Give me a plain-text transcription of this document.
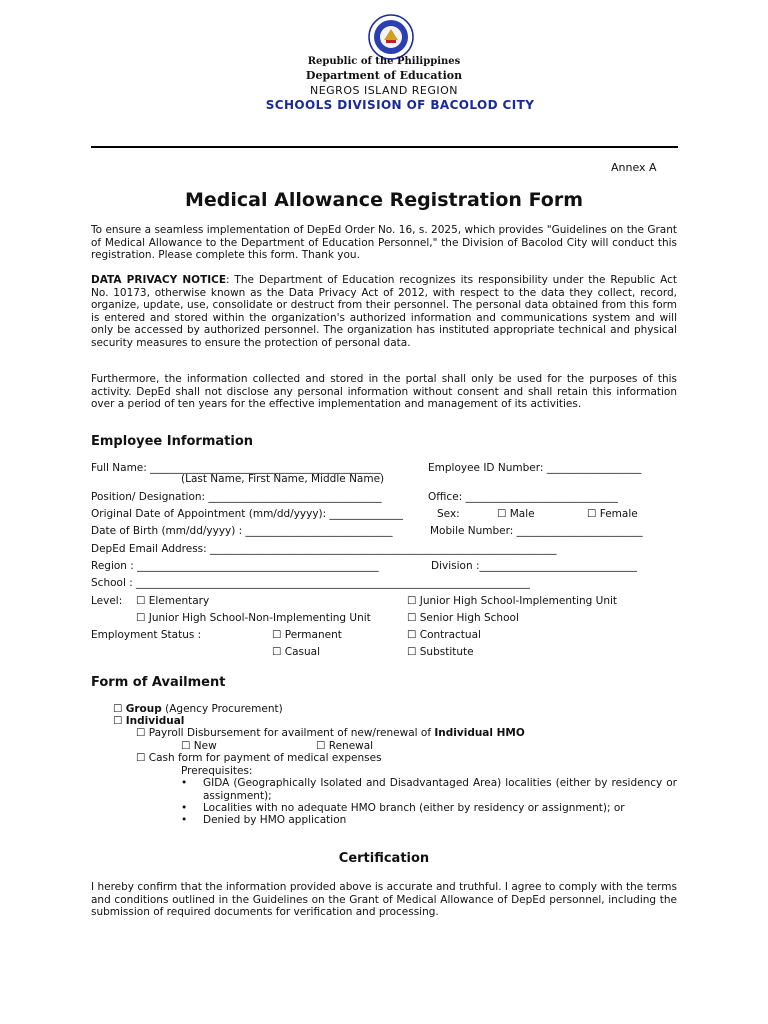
Republic of the Philippines
Department of Education
NEGROS ISLAND REGION
SCHOOLS DIVISION OF BACOLOD CITY
Annex A
Medical Allowance Registration Form

To ensure a seamless implementation of DepEd Order No. 16, s. 2025, which provides "Guidelines on the Grant of Medical Allowance to the Department of Education Personnel," the Division of Bacolod City will conduct this registration. Please complete this form. Thank you.

DATA PRIVACY NOTICE: The Department of Education recognizes its responsibility under the Republic Act No. 10173, otherwise known as the Data Privacy Act of 2012, with respect to the data they collect, record, organize, update, use, consolidate or destruct from their personnel. The personal data obtained from this form is entered and stored within the organization's authorized information and communications system and will only be accessed by authorized personnel. The organization has instituted appropriate technical and physical security measures to ensure the protection of personal data.

Furthermore, the information collected and stored in the portal shall only be used for the purposes of this activity. DepEd shall not disclose any personal information without consent and shall retain this information over a period of ten years for the effective implementation and management of its activities.

Employee Information
Full Name: ____________________________________________	Employee ID Number: __________________
(Last Name, First Name, Middle Name)
Position/ Designation: _________________________________	Office: _____________________________
Original Date of Appointment (mm/dd/yyyy): ______________	Sex:	☐ Male	☐ Female
Date of Birth (mm/dd/yyyy) : ____________________________	Mobile Number: ________________________
DepEd Email Address: __________________________________________________________________
Region : ______________________________________________	Division :______________________________
School : ___________________________________________________________________________
Level: ☐ Elementary	☐ Junior High School-Implementing Unit
☐ Junior High School-Non-Implementing Unit	☐ Senior High School
Employment Status :	☐ Permanent	☐ Contractual
☐ Casual	☐ Substitute
Form of Availment
☐ Group (Agency Procurement)
☐ Individual
☐ Payroll Disbursement for availment of new/renewal of Individual HMO
☐ New	☐ Renewal
☐ Cash form for payment of medical expenses
Prerequisites:
• GIDA (Geographically Isolated and Disadvantaged Area) localities (either by residency or assignment);

• Localities with no adequate HMO branch (either by residency or assignment); or
• Denied by HMO application
Certification

I hereby confirm that the information provided above is accurate and truthful. I agree to comply with the terms and conditions outlined in the Guidelines on the Grant of Medical Allowance of DepEd personnel, including the submission of required documents for verification and processing.
